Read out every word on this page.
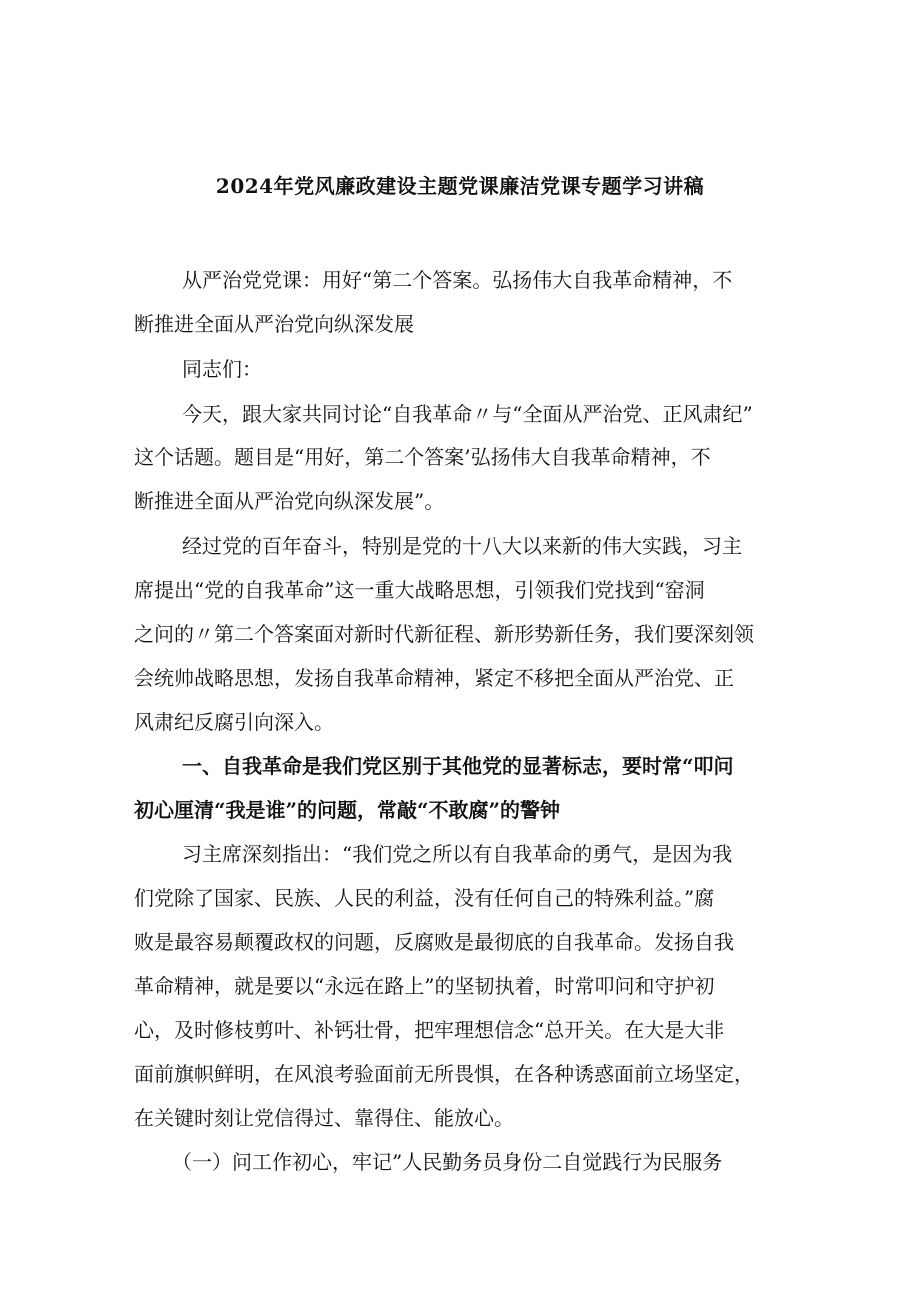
2024年党风廉政建设主题党课廉洁党课专题学习讲稿
从严治党党课：用好“第二个答案。弘扬伟大自我革命精神，不
断推进全面从严治党向纵深发展
同志们：
今天，跟大家共同讨论“自我革命〃与“全面从严治党、正风肃纪”
这个话题。题目是“用好，第二个答案’弘扬伟大自我革命精神，不
断推进全面从严治党向纵深发展”。
经过党的百年奋斗，特别是党的十八大以来新的伟大实践，习主
席提出“党的自我革命”这一重大战略思想，引领我们党找到“窑洞
之问的〃第二个答案面对新时代新征程、新形势新任务，我们要深刻领
会统帅战略思想，发扬自我革命精神，紧定不移把全面从严治党、正
风肃纪反腐引向深入。
一、自我革命是我们党区别于其他党的显著标志，要时常“叩问
初心厘清“我是谁”的问题，常敲“不敢腐”的警钟
习主席深刻指出：“我们党之所以有自我革命的勇气，是因为我
们党除了国家、民族、人民的利益，没有任何自己的特殊利益。”腐
败是最容易颠覆政权的问题，反腐败是最彻底的自我革命。发扬自我
革命精神，就是要以“永远在路上”的坚韧执着，时常叩问和守护初
心，及时修枝剪叶、补钙壮骨，把牢理想信念“总开关。在大是大非
面前旗帜鲜明，在风浪考验面前无所畏惧，在各种诱惑面前立场坚定，
在关键时刻让党信得过、靠得住、能放心。
（一）问工作初心，牢记”人民勤务员身份二自觉践行为民服务
